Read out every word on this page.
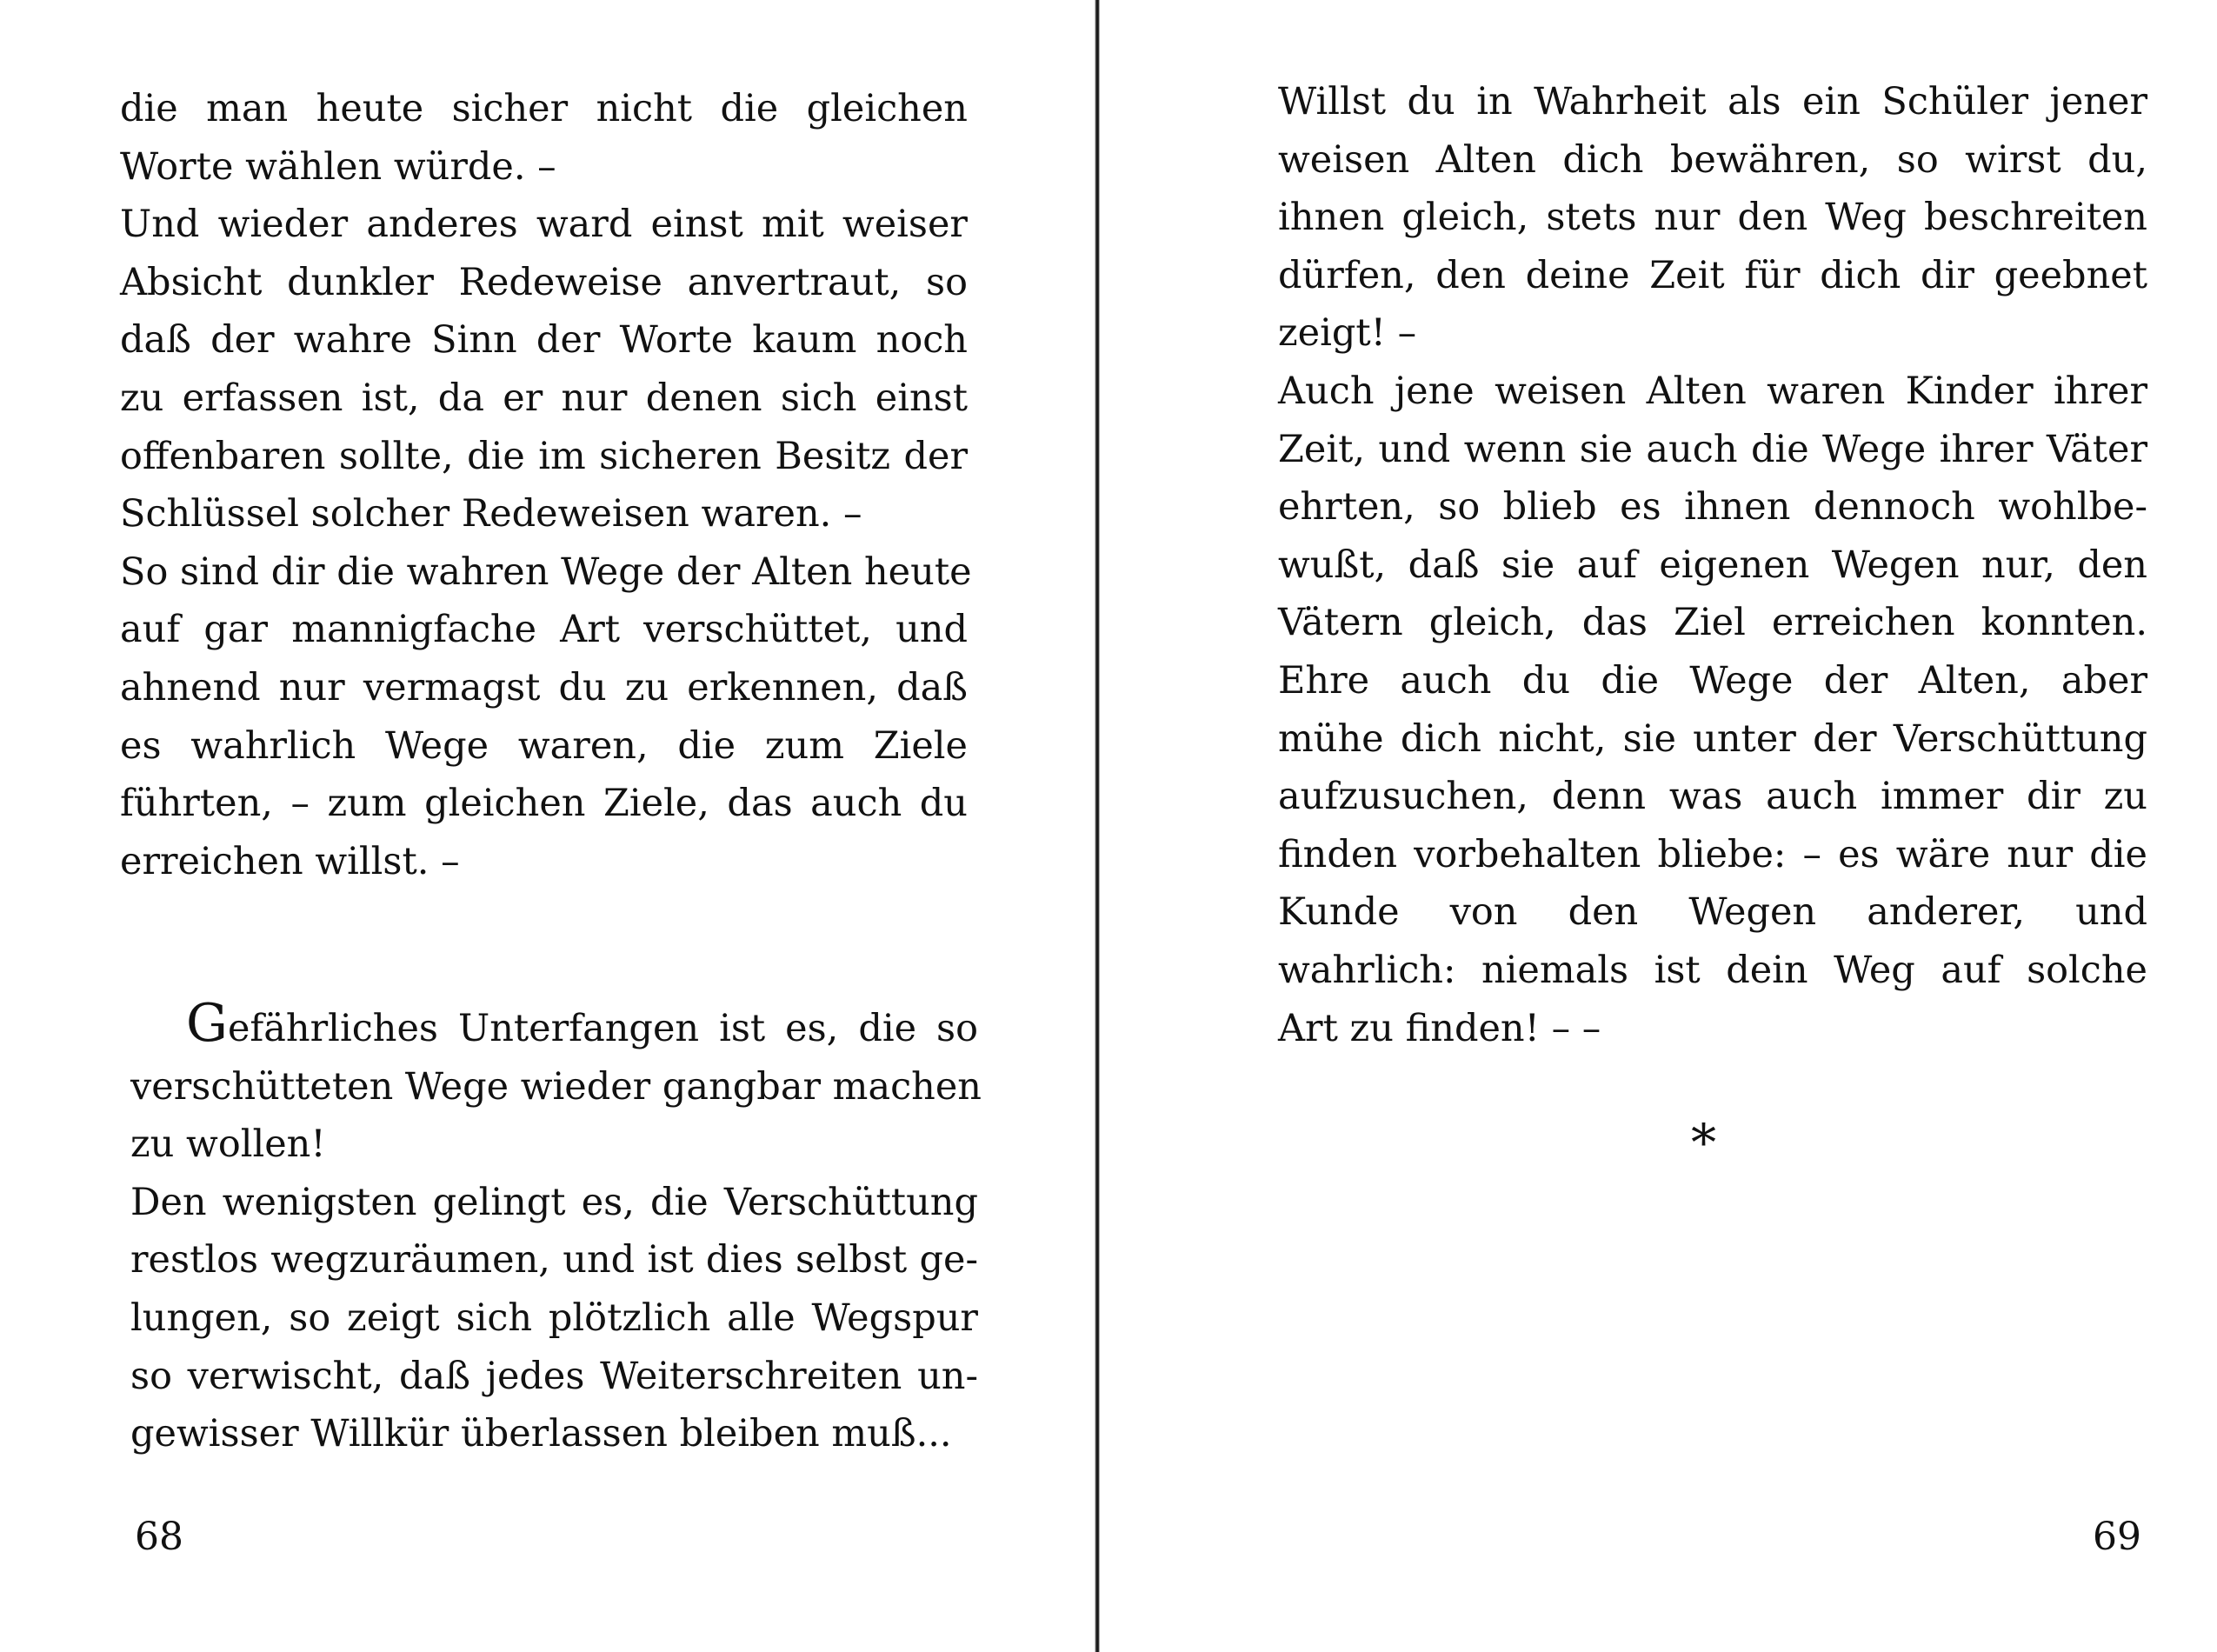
die man heute sicher nicht die gleichen
Worte wählen würde. –
Und wieder anderes ward einst mit weiser
Absicht dunkler Redeweise anvertraut, so
daß der wahre Sinn der Worte kaum noch
zu erfassen ist, da er nur denen sich einst
offenbaren sollte, die im sicheren Besitz der
Schlüssel solcher Redeweisen waren. –
So sind dir die wahren Wege der Alten heute
auf gar mannigfache Art verschüttet, und
ahnend nur vermagst du zu erkennen, daß
es wahrlich Wege waren, die zum Ziele
führten, – zum gleichen Ziele, das auch du
erreichen willst. –
Gefährliches Unterfangen ist es, die so
verschütteten Wege wieder gangbar machen
zu wollen!
Den wenigsten gelingt es, die Verschüttung
restlos wegzuräumen, und ist dies selbst ge-
lungen, so zeigt sich plötzlich alle Wegspur
so verwischt, daß jedes Weiterschreiten un-
gewisser Willkür überlassen bleiben muß...
68
Willst du in Wahrheit als ein Schüler jener
weisen Alten dich bewähren, so wirst du,
ihnen gleich, stets nur den Weg beschreiten
dürfen, den deine Zeit für dich dir geebnet
zeigt! –
Auch jene weisen Alten waren Kinder ihrer
Zeit, und wenn sie auch die Wege ihrer Väter
ehrten, so blieb es ihnen dennoch wohlbe-
wußt, daß sie auf eigenen Wegen nur, den
Vätern gleich, das Ziel erreichen konnten.
Ehre auch du die Wege der Alten, aber
mühe dich nicht, sie unter der Verschüttung
aufzusuchen, denn was auch immer dir zu
finden vorbehalten bliebe: – es wäre nur die
Kunde von den Wegen anderer, und
wahrlich: niemals ist dein Weg auf solche
Art zu finden! – –
*
69
